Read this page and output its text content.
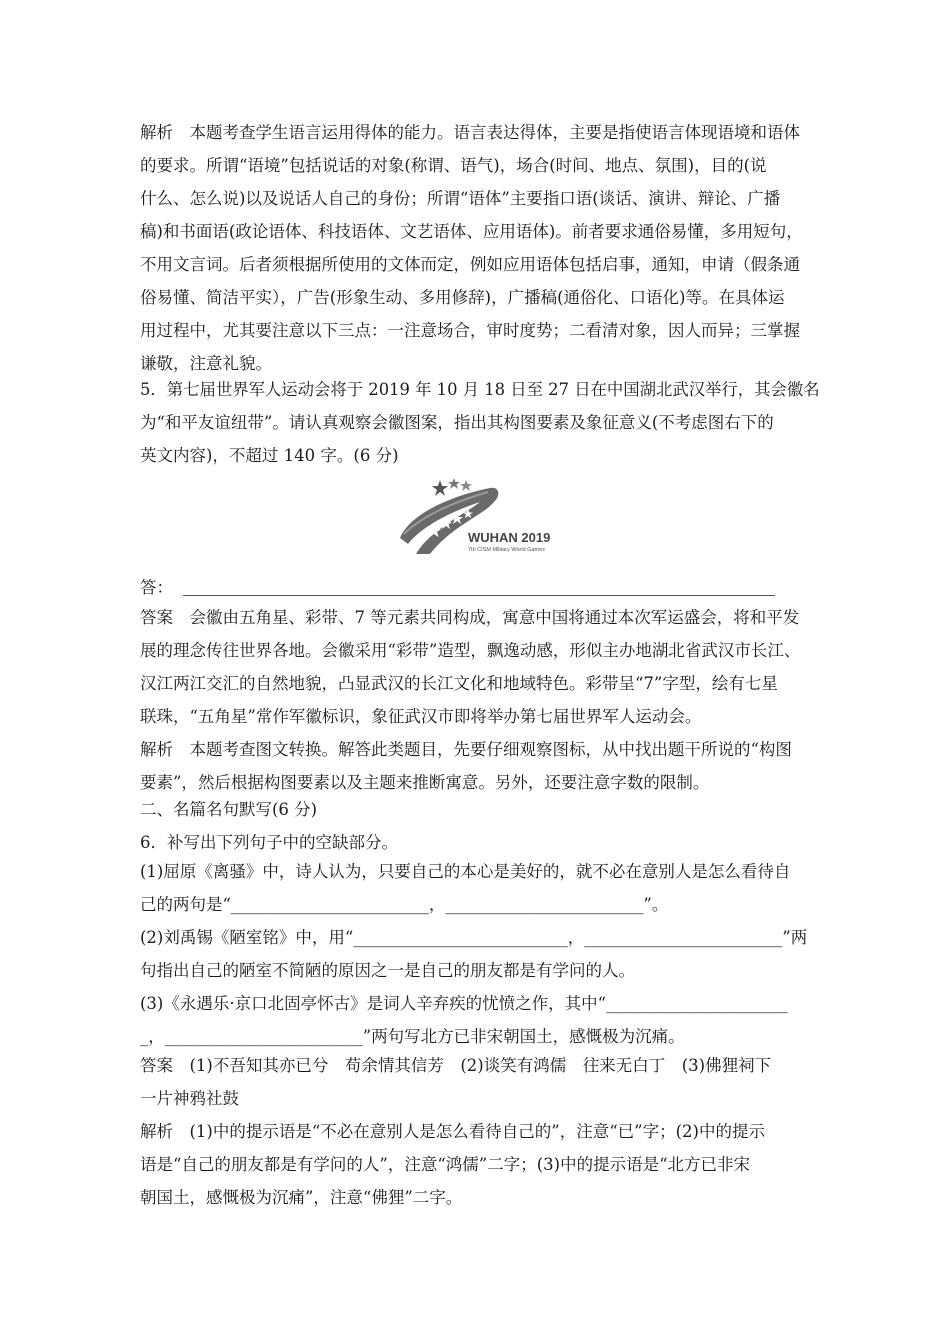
解析　本题考查学生语言运用得体的能力。语言表达得体，主要是指使语言体现语境和语体
的要求。所谓“语境”包括说话的对象(称谓、语气)，场合(时间、地点、氛围)，目的(说
什么、怎么说)以及说话人自己的身份；所谓“语体”主要指口语(谈话、演讲、辩论、广播
稿)和书面语(政论语体、科技语体、文艺语体、应用语体)。前者要求通俗易懂，多用短句，
不用文言词。后者须根据所使用的文体而定，例如应用语体包括启事，通知，申请（假条通
俗易懂、简洁平实），广告(形象生动、多用修辞)，广播稿(通俗化、口语化)等。在具体运
用过程中，尤其要注意以下三点：一注意场合，审时度势；二看清对象，因人而异；三掌握
谦敬，注意礼貌。
5．第七届世界军人运动会将于 2019 年 10 月 18 日至 27 日在中国湖北武汉举行，其会徽名
为“和平友谊纽带”。请认真观察会徽图案，指出其构图要素及象征意义(不考虑图右下的
英文内容)，不超过 140 字。(6 分)
WUHAN 2019
7th CISM Military World Games
答：
答案　会徽由五角星、彩带、7 等元素共同构成，寓意中国将通过本次军运盛会，将和平发
展的理念传往世界各地。会徽采用“彩带”造型，飘逸动感，形似主办地湖北省武汉市长江、
汉江两江交汇的自然地貌，凸显武汉的长江文化和地域特色。彩带呈“7”字型，绘有七星
联珠，“五角星”常作军徽标识，象征武汉市即将举办第七届世界军人运动会。
解析　本题考查图文转换。解答此类题目，先要仔细观察图标，从中找出题干所说的“构图
要素”，然后根据构图要素以及主题来推断寓意。另外，还要注意字数的限制。
二、名篇名句默写(6 分)
6．补写出下列句子中的空缺部分。
(1)屈原《离骚》中，诗人认为，只要自己的本心是美好的，就不必在意别人是怎么看待自
己的两句是“________________________，________________________”。
(2)刘禹锡《陋室铭》中，用“__________________________，________________________”两
句指出自己的陋室不简陋的原因之一是自己的朋友都是有学问的人。
(3)《永遇乐·京口北固亭怀古》是词人辛弃疾的忧愤之作，其中“______________________
_，________________________”两句写北方已非宋朝国土，感慨极为沉痛。
答案　(1)不吾知其亦已兮　苟余情其信芳　(2)谈笑有鸿儒　往来无白丁　(3)佛狸祠下
一片神鸦社鼓
解析　(1)中的提示语是“不必在意别人是怎么看待自己的”，注意“已”字；(2)中的提示
语是“自己的朋友都是有学问的人”，注意“鸿儒”二字；(3)中的提示语是“北方已非宋
朝国土，感慨极为沉痛”，注意“佛狸”二字。
